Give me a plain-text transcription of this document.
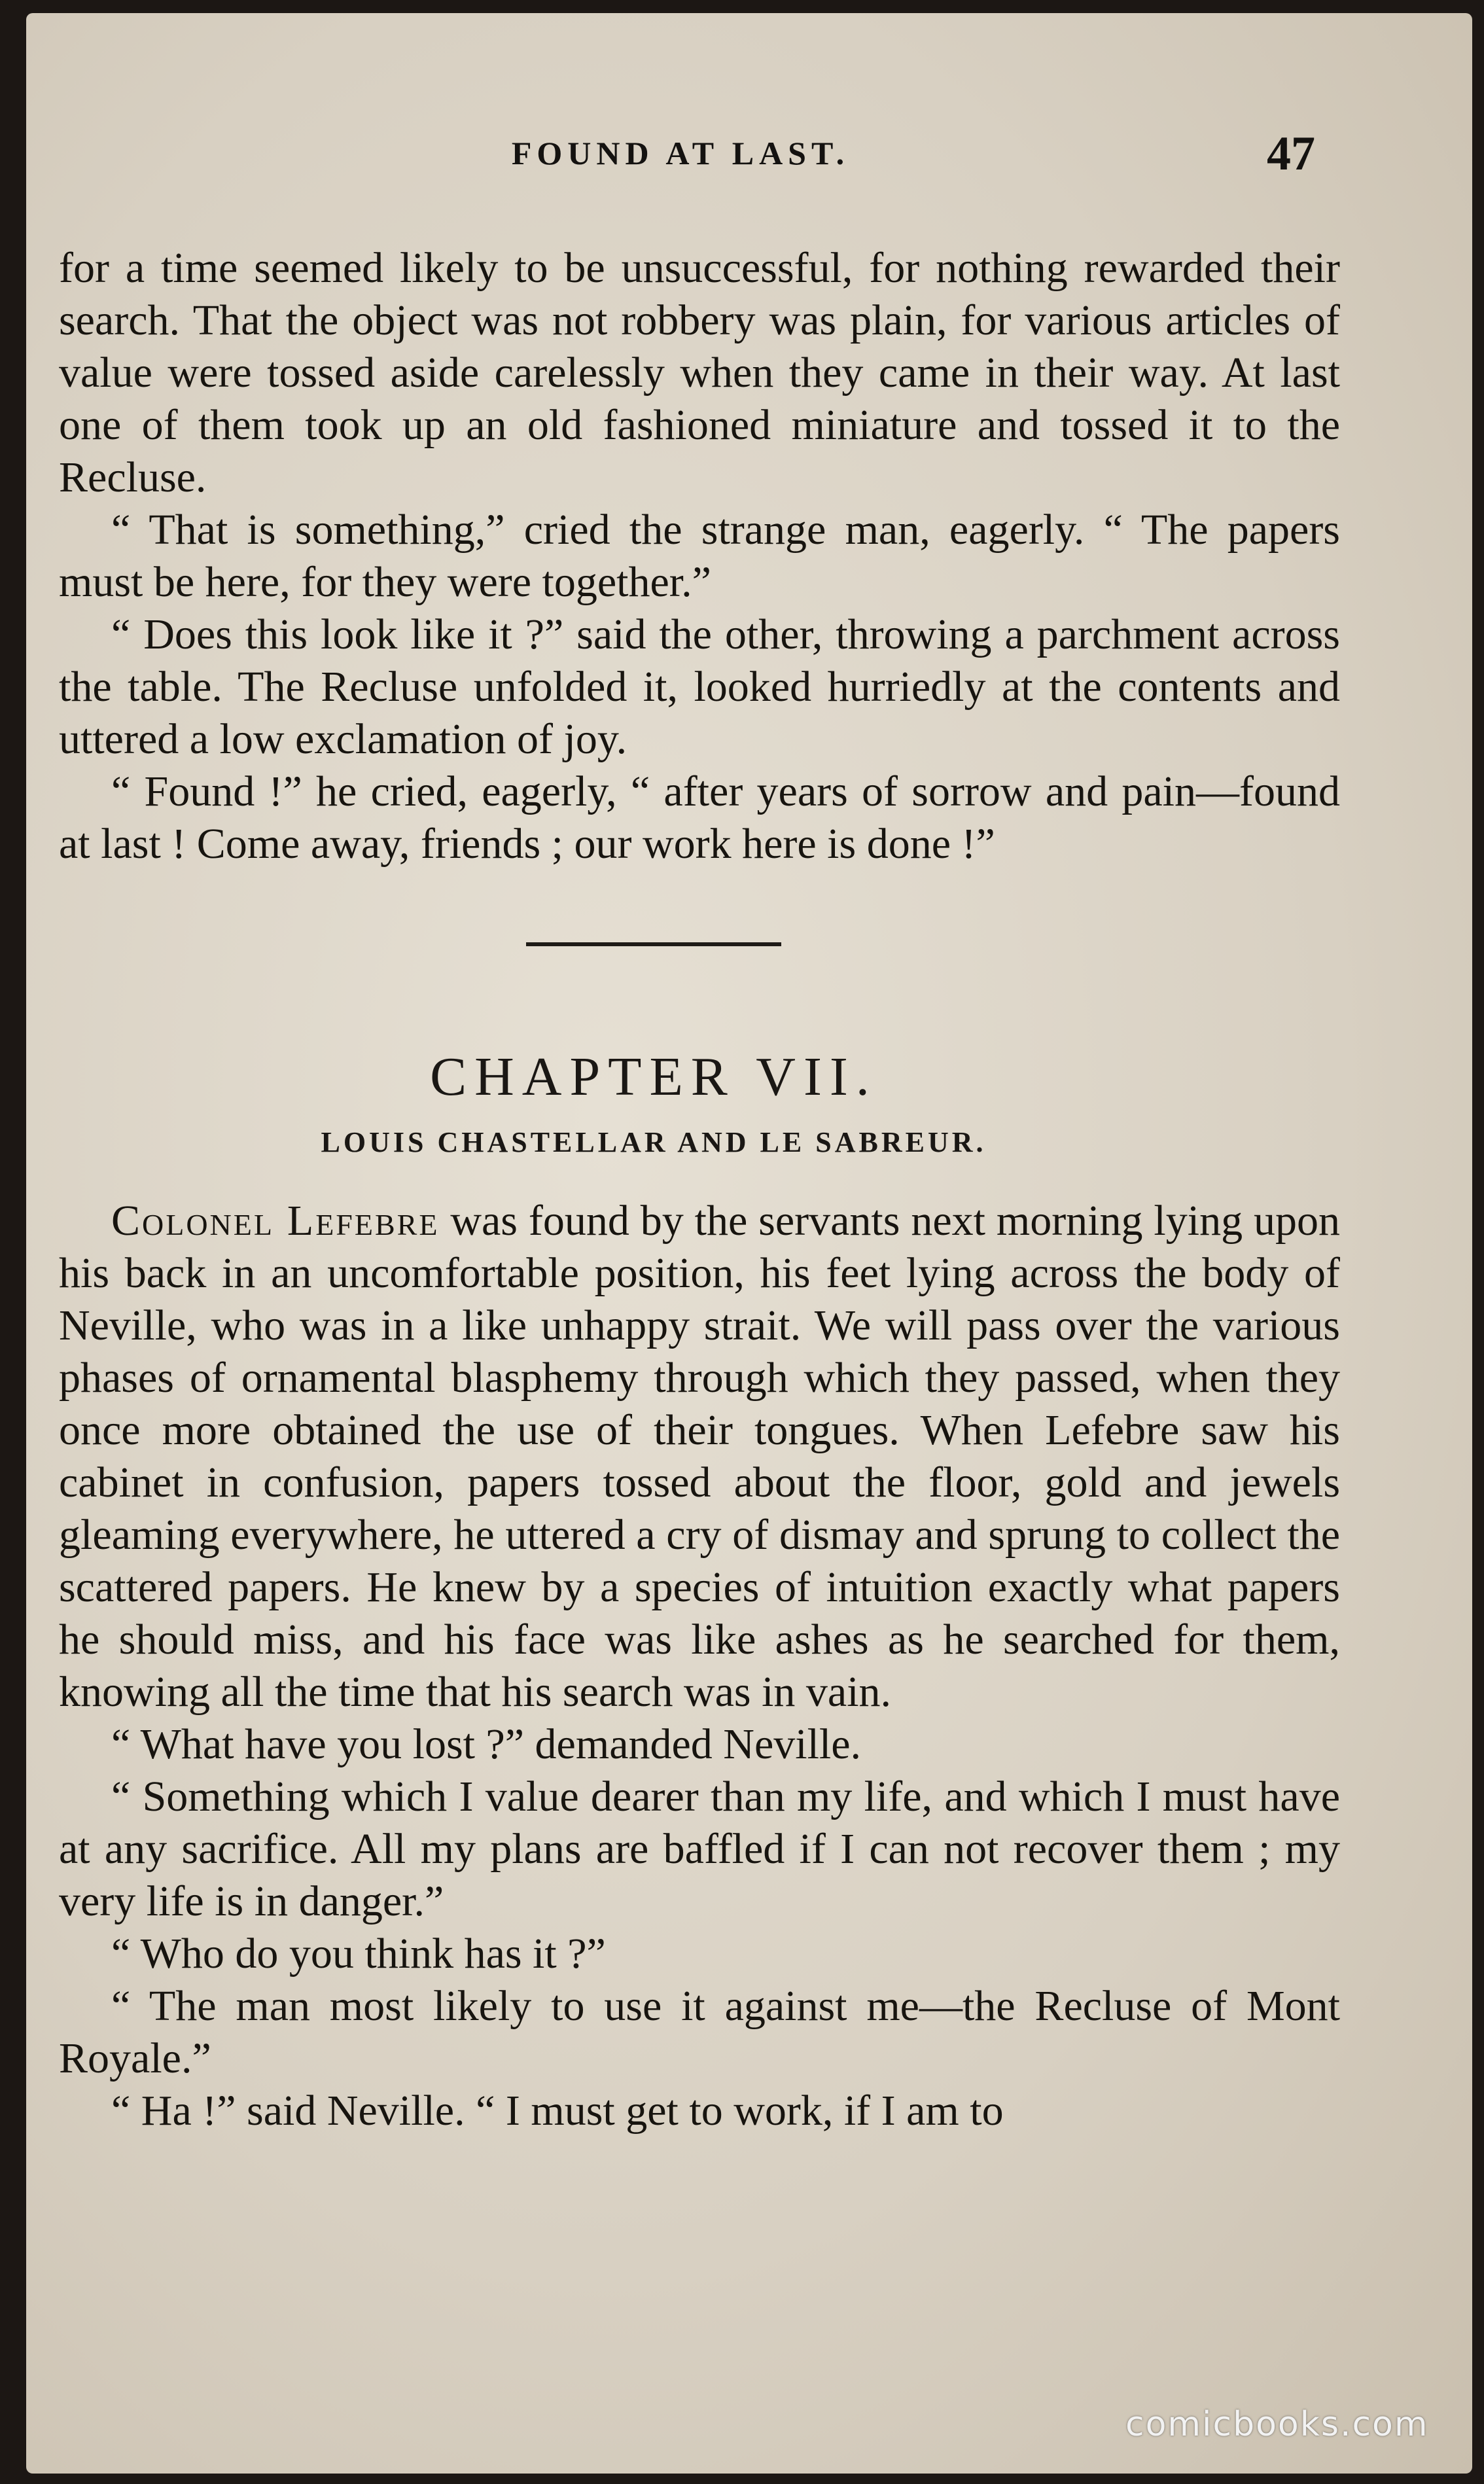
FOUND AT LAST.	47

for a time seemed likely to be unsuccessful, for nothing rewarded their search. That the object was not robbery was plain, for various articles of value were tossed aside carelessly when they came in their way. At last one of them took up an old fashioned miniature and tossed it to the Recluse.

“ That is something,” cried the strange man, eagerly. “ The papers must be here, for they were together.”

“ Does this look like it ?” said the other, throwing a parchment across the table. The Recluse unfolded it, looked hurriedly at the contents and uttered a low exclamation of joy.

“ Found !” he cried, eagerly, “ after years of sorrow and pain—found at last ! Come away, friends ; our work here is done !”

CHAPTER VII.
LOUIS CHASTELLAR AND LE SABREUR.

Colonel Lefebre was found by the servants next morning lying upon his back in an uncomfortable position, his feet lying across the body of Neville, who was in a like unhappy strait. We will pass over the various phases of ornamental blasphemy through which they passed, when they once more obtained the use of their tongues. When Lefebre saw his cabinet in confusion, papers tossed about the floor, gold and jewels gleaming everywhere, he uttered a cry of dismay and sprung to collect the scattered papers. He knew by a species of intuition exactly what papers he should miss, and his face was like ashes as he searched for them, knowing all the time that his search was in vain.

“ What have you lost ?” demanded Neville.

“ Something which I value dearer than my life, and which I must have at any sacrifice. All my plans are baffled if I can not recover them ; my very life is in danger.”

“ Who do you think has it ?”

“ The man most likely to use it against me—the Recluse of Mont Royale.”

“ Ha !” said Neville. “ I must get to work, if I am to

comicbooks.com
